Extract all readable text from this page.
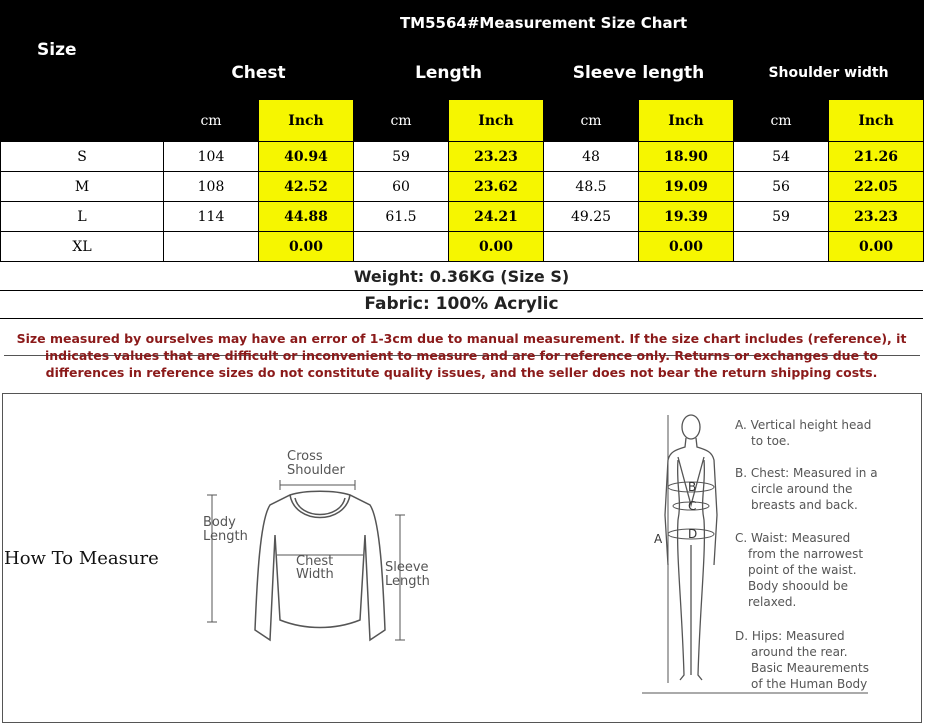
Size	TM5564#Measurement Size Chart							
	Chest		Length		Sleeve length		Shoulder width	
	cm	Inch	cm	Inch	cm	Inch	cm	Inch
S	104	40.94	59	23.23	48	18.90	54	21.26
M	108	42.52	60	23.62	48.5	19.09	56	22.05
L	114	44.88	61.5	24.21	49.25	19.39	59	23.23
XL		0.00		0.00		0.00		0.00
Weight: 0.36KG (Size S)
Fabric: 100% Acrylic
Size measured by ourselves may have an error of 1-3cm due to manual measurement. If the size chart includes (reference), it indicates values that are difficult or inconvenient to measure and are for reference only. Returns or exchanges due to differences in reference sizes do not constitute quality issues, and the seller does not bear the return shipping costs.
How To Measure
Cross
Shoulder
Body
Length
Chest
Width	Sleeve
Length
A
B
C
D
A. Vertical height head
to toe.
B. Chest: Measured in a
circle around the
breasts and back.
C. Waist: Measured
from the narrowest
point of the waist.
Body shoould be
relaxed.
D. Hips: Measured
around the rear.
Basic Meaurements
of the Human Body
